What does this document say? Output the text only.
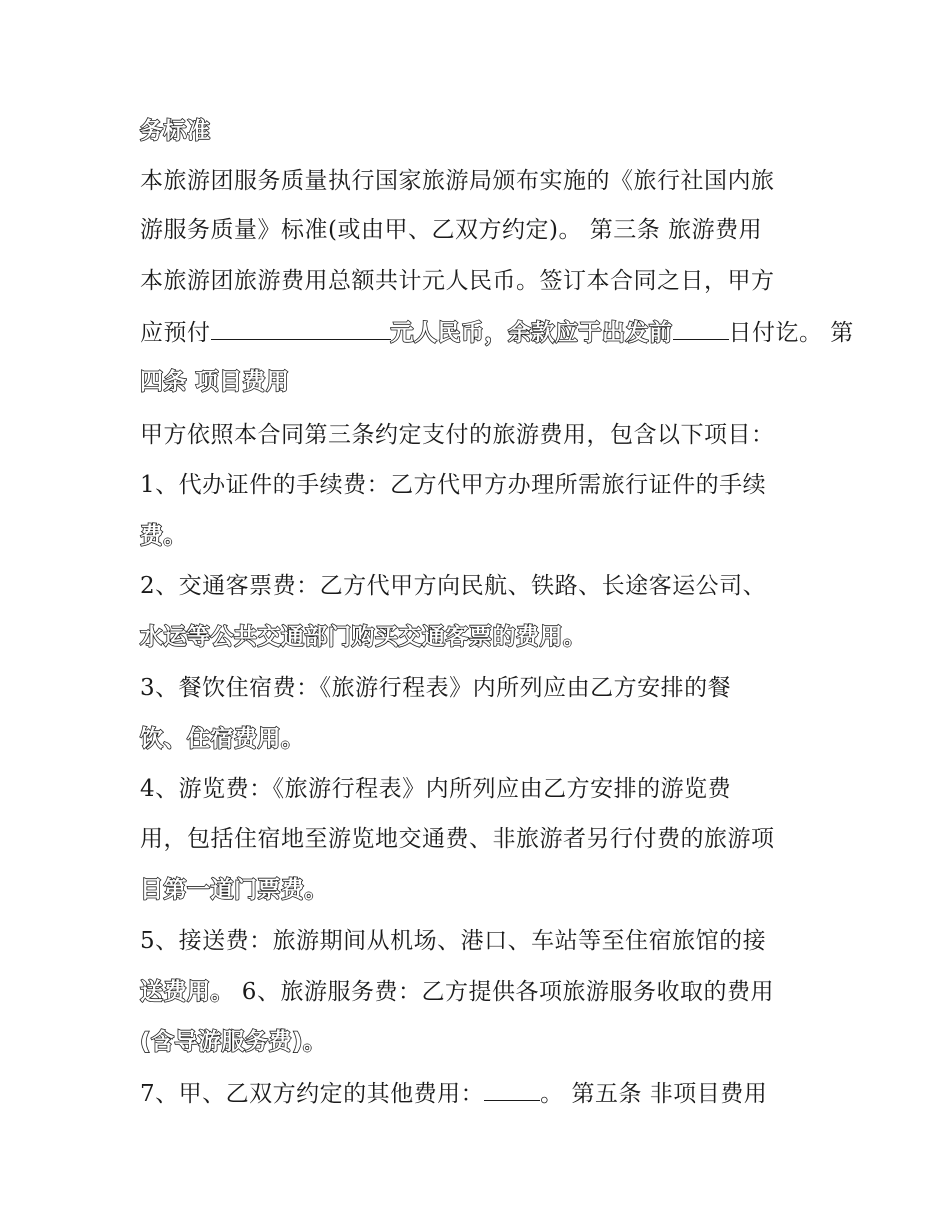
务标准
本旅游团服务质量执行国家旅游局颁布实施的《旅行社国内旅
游服务质量》标准(或由甲、乙双方约定)。 第三条 旅游费用
本旅游团旅游费用总额共计元人民币。签订本合同之日，甲方
应预付	元人民币，余款应于出发前 日付讫。 第
四条 项目费用
甲方依照本合同第三条约定支付的旅游费用，包含以下项目：
1、代办证件的手续费：乙方代甲方办理所需旅行证件的手续
费。
2、交通客票费：乙方代甲方向民航、铁路、长途客运公司、
水运等公共交通部门购买交通客票的费用。
3、餐饮住宿费：《旅游行程表》内所列应由乙方安排的餐
饮、住宿费用。
4、游览费：《旅游行程表》内所列应由乙方安排的游览费
用，包括住宿地至游览地交通费、非旅游者另行付费的旅游项
目第一道门票费。
5、接送费：旅游期间从机场、港口、车站等至住宿旅馆的接
送费用。 6、旅游服务费：乙方提供各项旅游服务收取的费用
(含导游服务费)。
7、甲、乙双方约定的其他费用： 。 第五条 非项目费用
